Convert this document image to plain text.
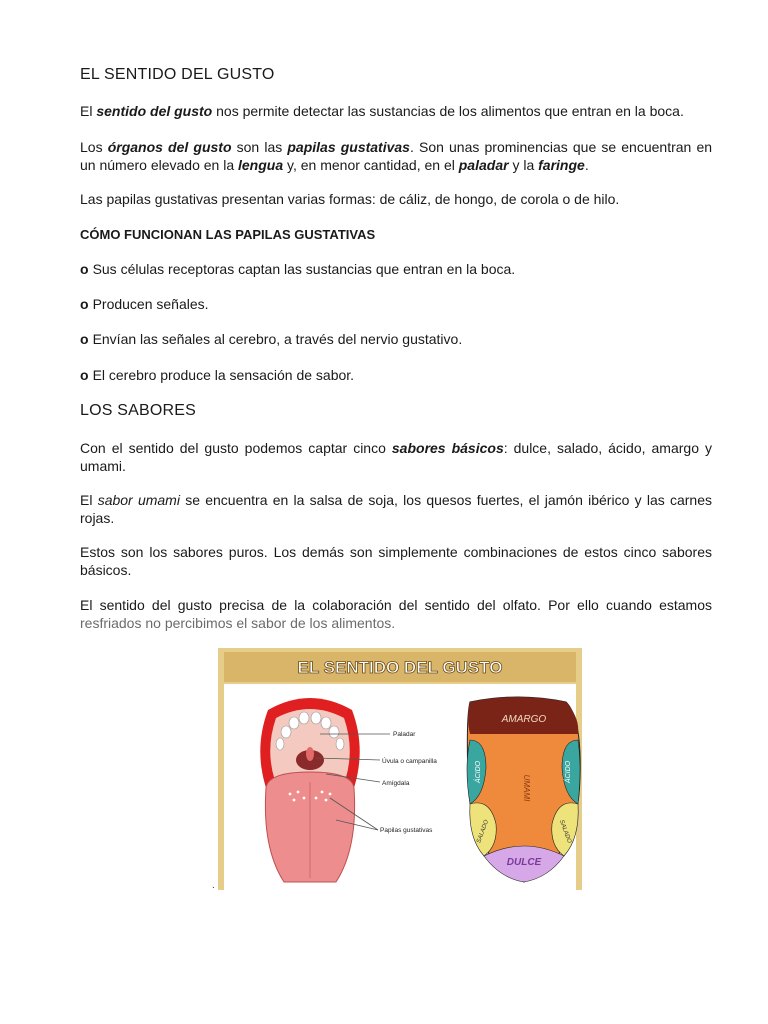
EL SENTIDO DEL GUSTO
El sentido del gusto nos permite detectar las sustancias de los alimentos que entran en la boca.
Los órganos del gusto son las papilas gustativas. Son unas prominencias que se encuentran en un número elevado en la lengua y, en menor cantidad, en el paladar y la faringe.
Las papilas gustativas presentan varias formas: de cáliz, de hongo, de corola o de hilo.
CÓMO FUNCIONAN LAS PAPILAS GUSTATIVAS
o Sus células receptoras captan las sustancias que entran en la boca.
o Producen señales.
o Envían las señales al cerebro, a través del nervio gustativo.
o El cerebro produce la sensación de sabor.
LOS SABORES
Con el sentido del gusto podemos captar cinco sabores básicos: dulce, salado, ácido, amargo y umami.
El sabor umami se encuentra en la salsa de soja, los quesos fuertes, el jamón ibérico y las carnes rojas.
Estos son los sabores puros. Los demás son simplemente combinaciones de estos cinco sabores básicos.
El sentido del gusto precisa de la colaboración del sentido del olfato. Por ello cuando estamos resfriados no percibimos el sabor de los alimentos.
EL SENTIDO DEL GUSTO
Paladar
Úvula o campanilla
Amígdala
Papilas gustativas
AMARGO
ÁCIDO	ÁCIDO
UMAMI
SALADO	SALADO
DULCE
.
